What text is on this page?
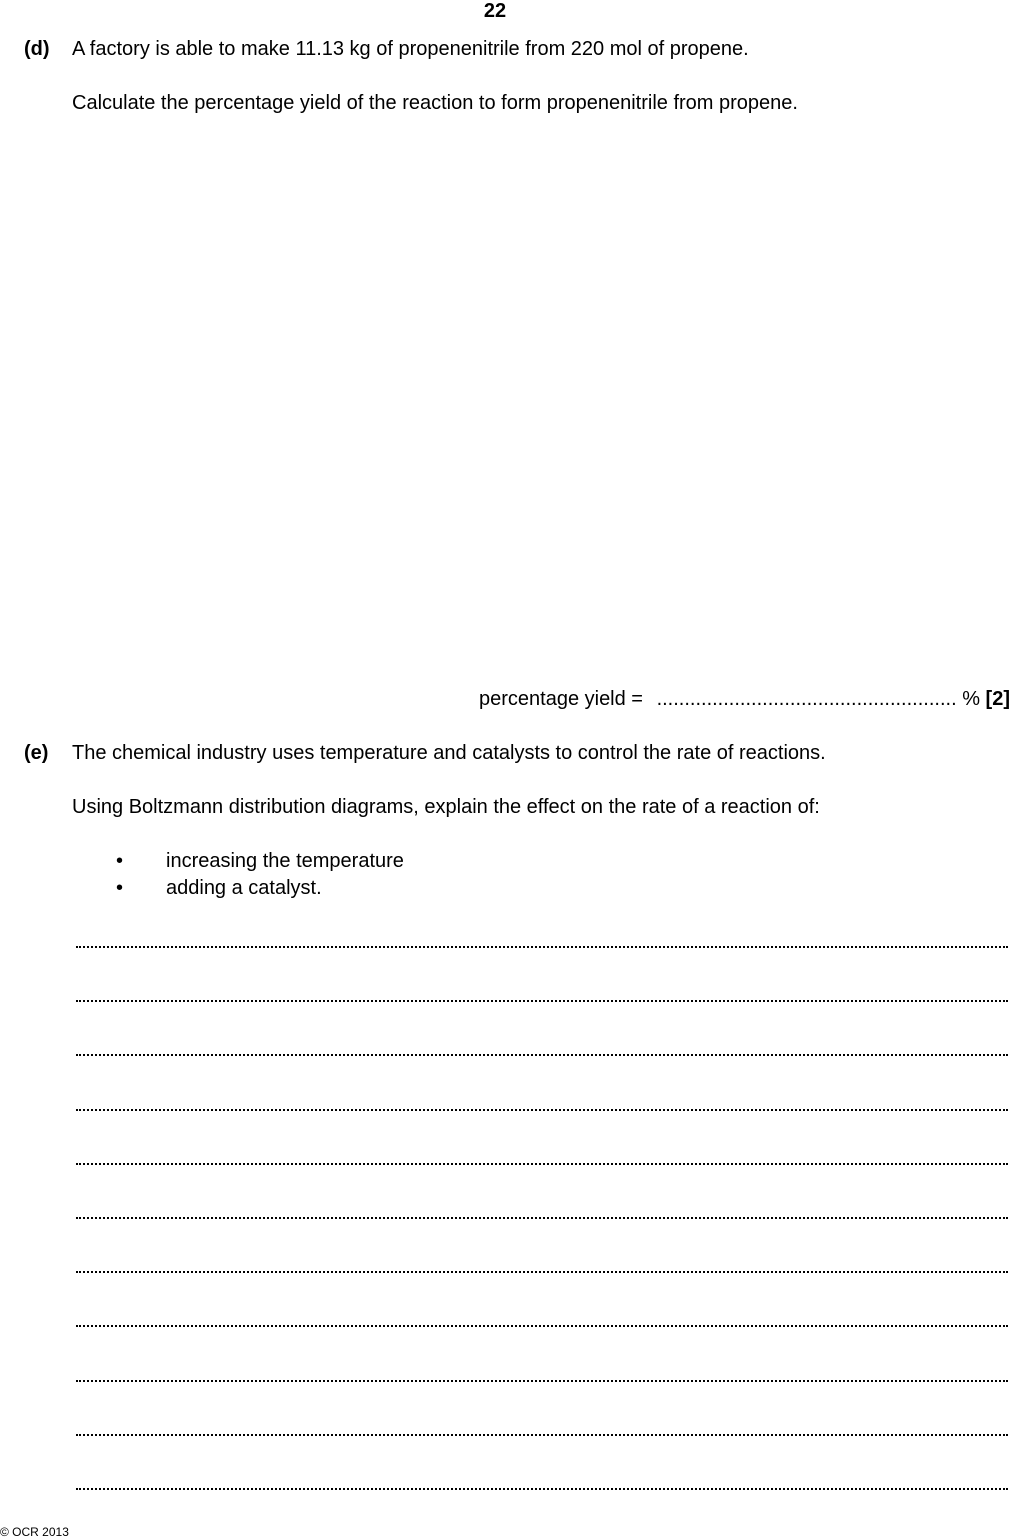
22
(d) A factory is able to make 11.13 kg of propenenitrile from 220 mol of propene.
Calculate the percentage yield of the reaction to form propenenitrile from propene.
percentage yield = ...................................................... % [2]
(e) The chemical industry uses temperature and catalysts to control the rate of reactions.
Using Boltzmann distribution diagrams, explain the effect on the rate of a reaction of:
• increasing the temperature
• adding a catalyst.
© OCR 2013
